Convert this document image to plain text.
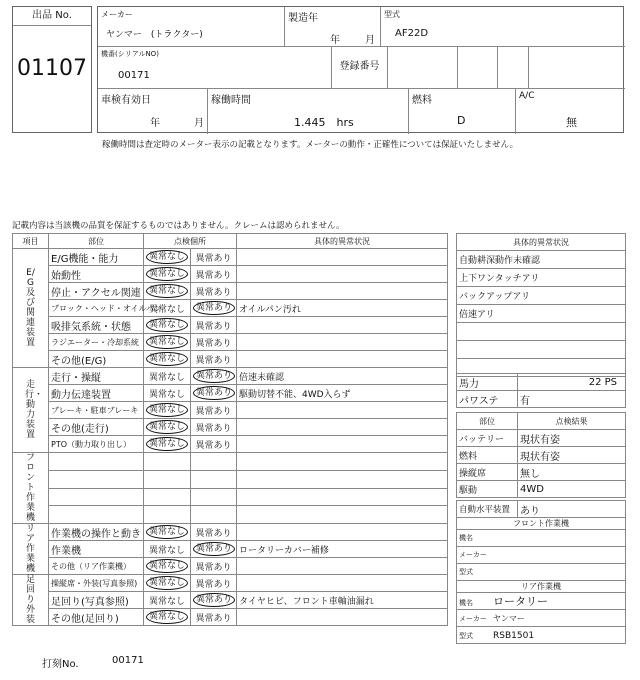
出品 No.
01107
メーカー
ヤンマー　(トラクター)
製造年
年	月
型式
AF22D
機番(シリアルNO)
00171
登録番号
車検有効日
年	月
稼働時間
1.445　hrs
燃料
D
A/C
無
稼働時間は査定時のメーター表示の記載となります。メーターの動作・正確性については保証いたしません。
記載内容は当該機の品質を保証するものではありません。クレームは認められません。
項目	部位	点検個所		具体的異常状況
E/G及び関連装置	E/G機能・能力	異常なし	異常あり	
	始動性	異常なし	異常あり	
	停止・アクセル関連	異常なし	異常あり	
	ブロック・ヘッド・オイルパン	異常なし	異常あり	オイルパン汚れ
	吸排気系統・状態	異常なし	異常あり	
	ラジエーター・冷却系統	異常なし	異常あり	
	その他(E/G)	異常なし	異常あり	
走行・動力装置	走行・操縦	異常なし	異常あり	倍速未確認
	動力伝達装置	異常なし	異常あり	駆動切替不能、4WD入らず
	ブレーキ・駐車ブレーキ	異常なし	異常あり	
	その他(走行)	異常なし	異常あり	
	PTO（動力取り出し）	異常なし	異常あり	
フロント作業機				

リア作業機	作業機の操作と動き	異常なし	異常あり	
	作業機	異常なし	異常あり	ロータリーカバー補修
	その他（リア作業機）	異常なし	異常あり	
足回り外装	操縦席・外装(写真参照)	異常なし	異常あり	
	足回り(写真参照)	異常なし	異常あり	タイヤヒビ、フロント車軸油漏れ
	その他(足回り)	異常なし	異常あり	
具体的異常状況
自動耕深動作未確認
上下ワンタッチアリ
バックアップアリ
倍速アリ

馬力	22 PS
パワステ	有
部位	点検結果
バッテリー	現状有姿
燃料	現状有姿
操縦席	無し
駆動	4WD
自動水平装置	あり
フロント作業機
機名
メーカー
型式
リア作業機
機名 ロータリー
メーカー ヤンマー
型式 RSB1501
打刻No.	00171
